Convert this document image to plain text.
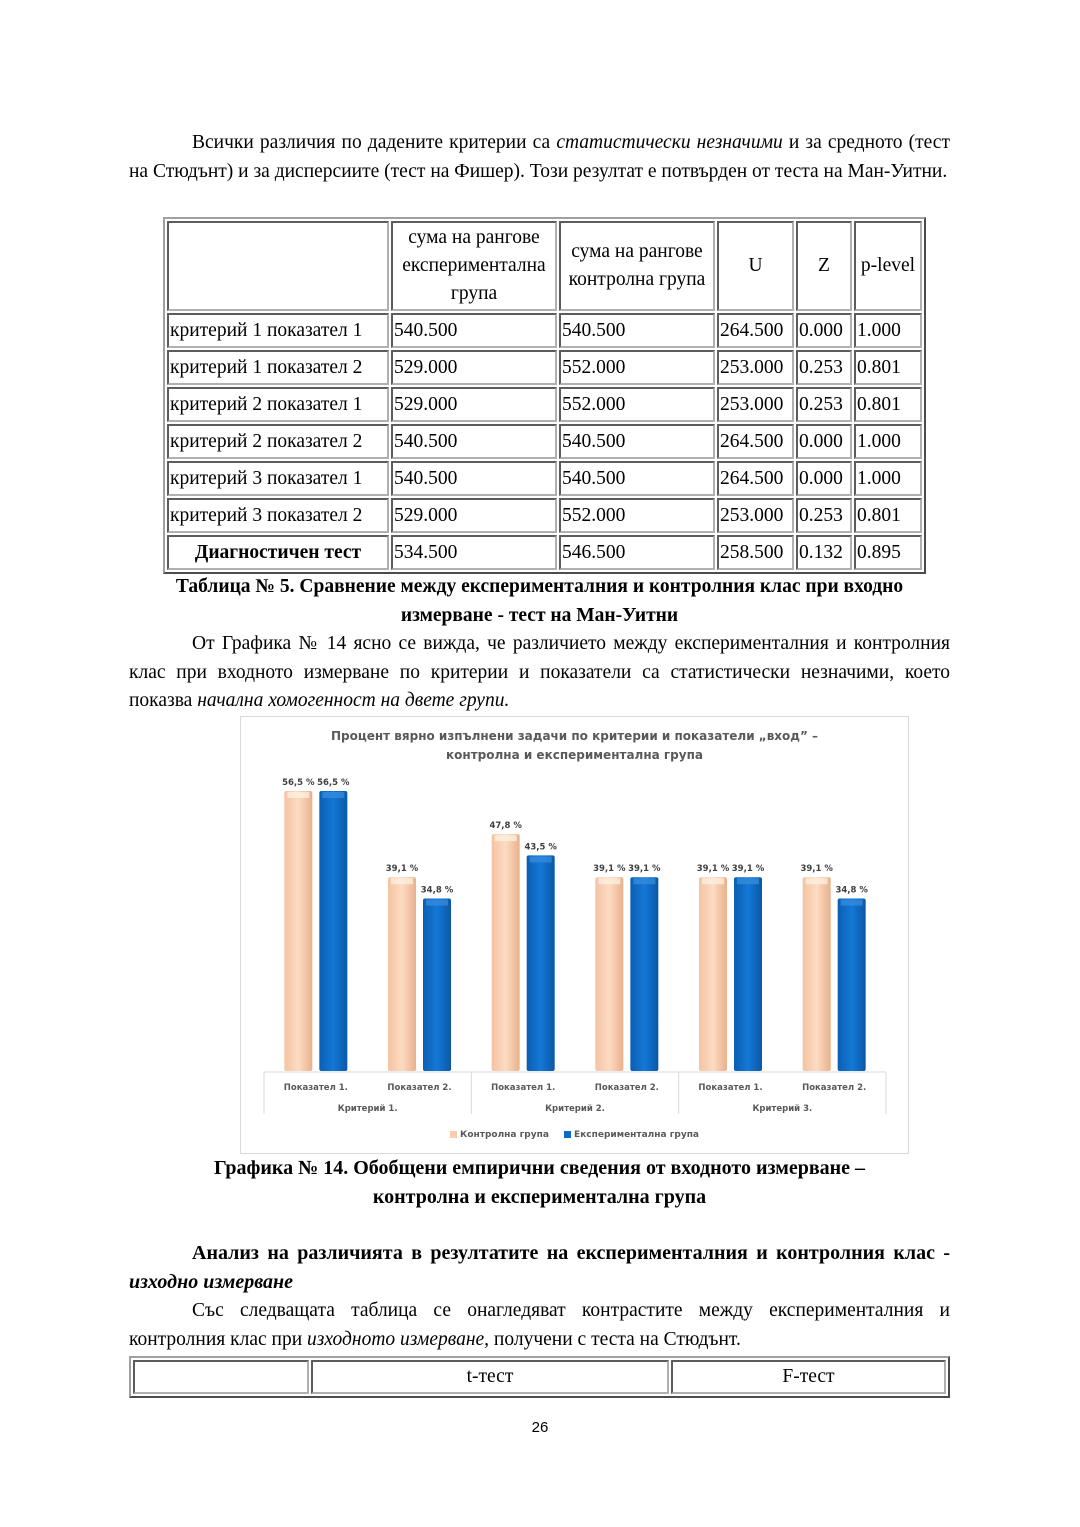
Всички различия по дадените критерии са статистически незначими и за средното (тест на Стюдънт) и за дисперсиите (тест на Фишер). Този резултат е потвърден от теста на Ман-Уитни.
	сума на рангове експериментална група	сума на рангове контролна група	U	Z	p-level
критерий 1 показател 1	540.500	540.500	264.500	0.000	1.000
критерий 1 показател 2	529.000	552.000	253.000	0.253	0.801
критерий 2 показател 1	529.000	552.000	253.000	0.253	0.801
критерий 2 показател 2	540.500	540.500	264.500	0.000	1.000
критерий 3 показател 1	540.500	540.500	264.500	0.000	1.000
критерий 3 показател 2	529.000	552.000	253.000	0.253	0.801
Диагностичен тест	534.500	546.500	258.500	0.132	0.895
Таблица № 5. Сравнение между експерименталния и контролния клас при входно
измерване - тест на Ман-Уитни
От Графика № 14 ясно се вижда, че различието между експерименталния и контролния клас при входното измерване по критерии и показатели са статистически незначими, което показва начална хомогенност на двете групи.
Процент вярно изпълнени задачи по критерии и показатели „вход” –
контролна и експериментална група
56,5 % 56,5 %
Показател 1.
39,1 %
34,8 %
Показател 2.
47,8 %
43,5 %
Показател 1.
39,1 % 39,1 %
Показател 2.
39,1 % 39,1 %
Показател 1.
39,1 %
34,8 %
Показател 2.
Критерий 1.	Критерий 2.	Критерий 3.
Контролна група	Експериментална група
Графика № 14. Обобщени емпирични сведения от входното измерване –
контролна и експериментална група
Анализ на различията в резултатите на експерименталния и контролния клас - изходно измерване
Със следващата таблица се онагледяват контрастите между експерименталния и контролния клас при изходното измерване, получени с теста на Стюдънт.
	t-тест	F-тест
26
